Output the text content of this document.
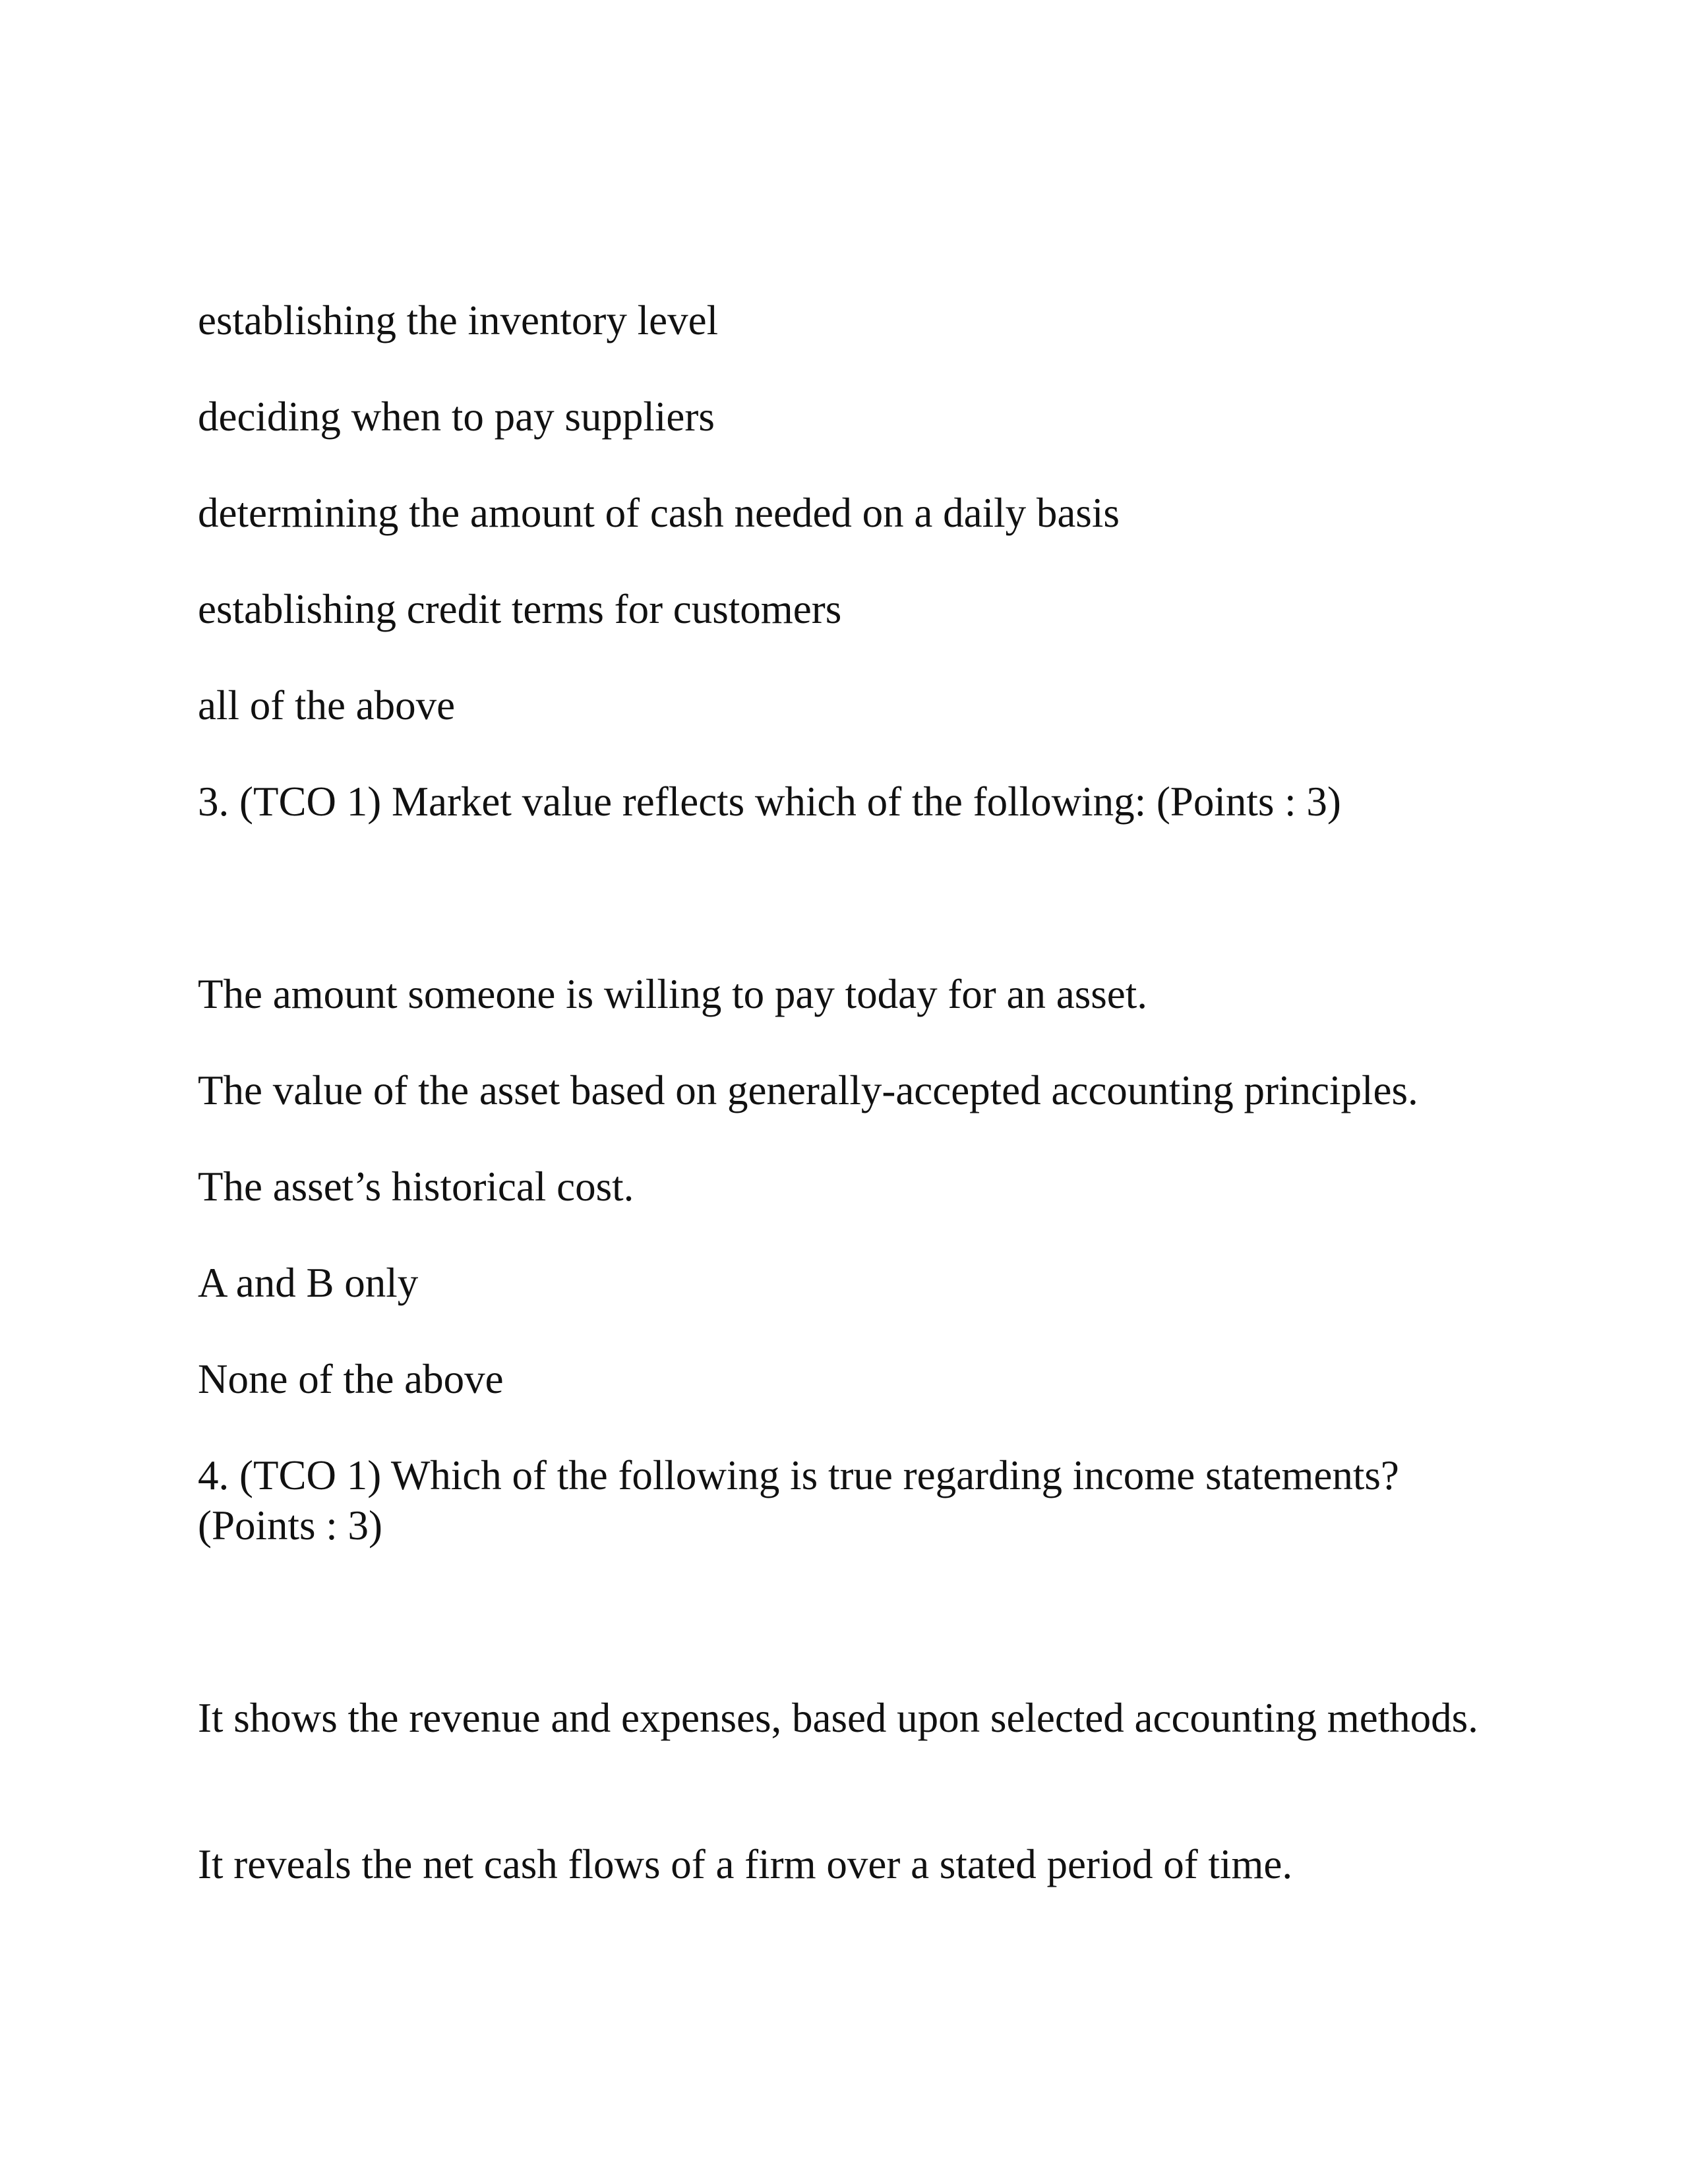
establishing the inventory level

deciding when to pay suppliers

determining the amount of cash needed on a daily basis

establishing credit terms for customers

all of the above

3. (TCO 1) Market value reflects which of the following: (Points : 3)

The amount someone is willing to pay today for an asset.

The value of the asset based on generally-accepted accounting principles.

The asset’s historical cost.

A and B only

None of the above

4. (TCO 1) Which of the following is true regarding income statements? (Points : 3)

It shows the revenue and expenses, based upon selected accounting methods.

It reveals the net cash flows of a firm over a stated period of time.
